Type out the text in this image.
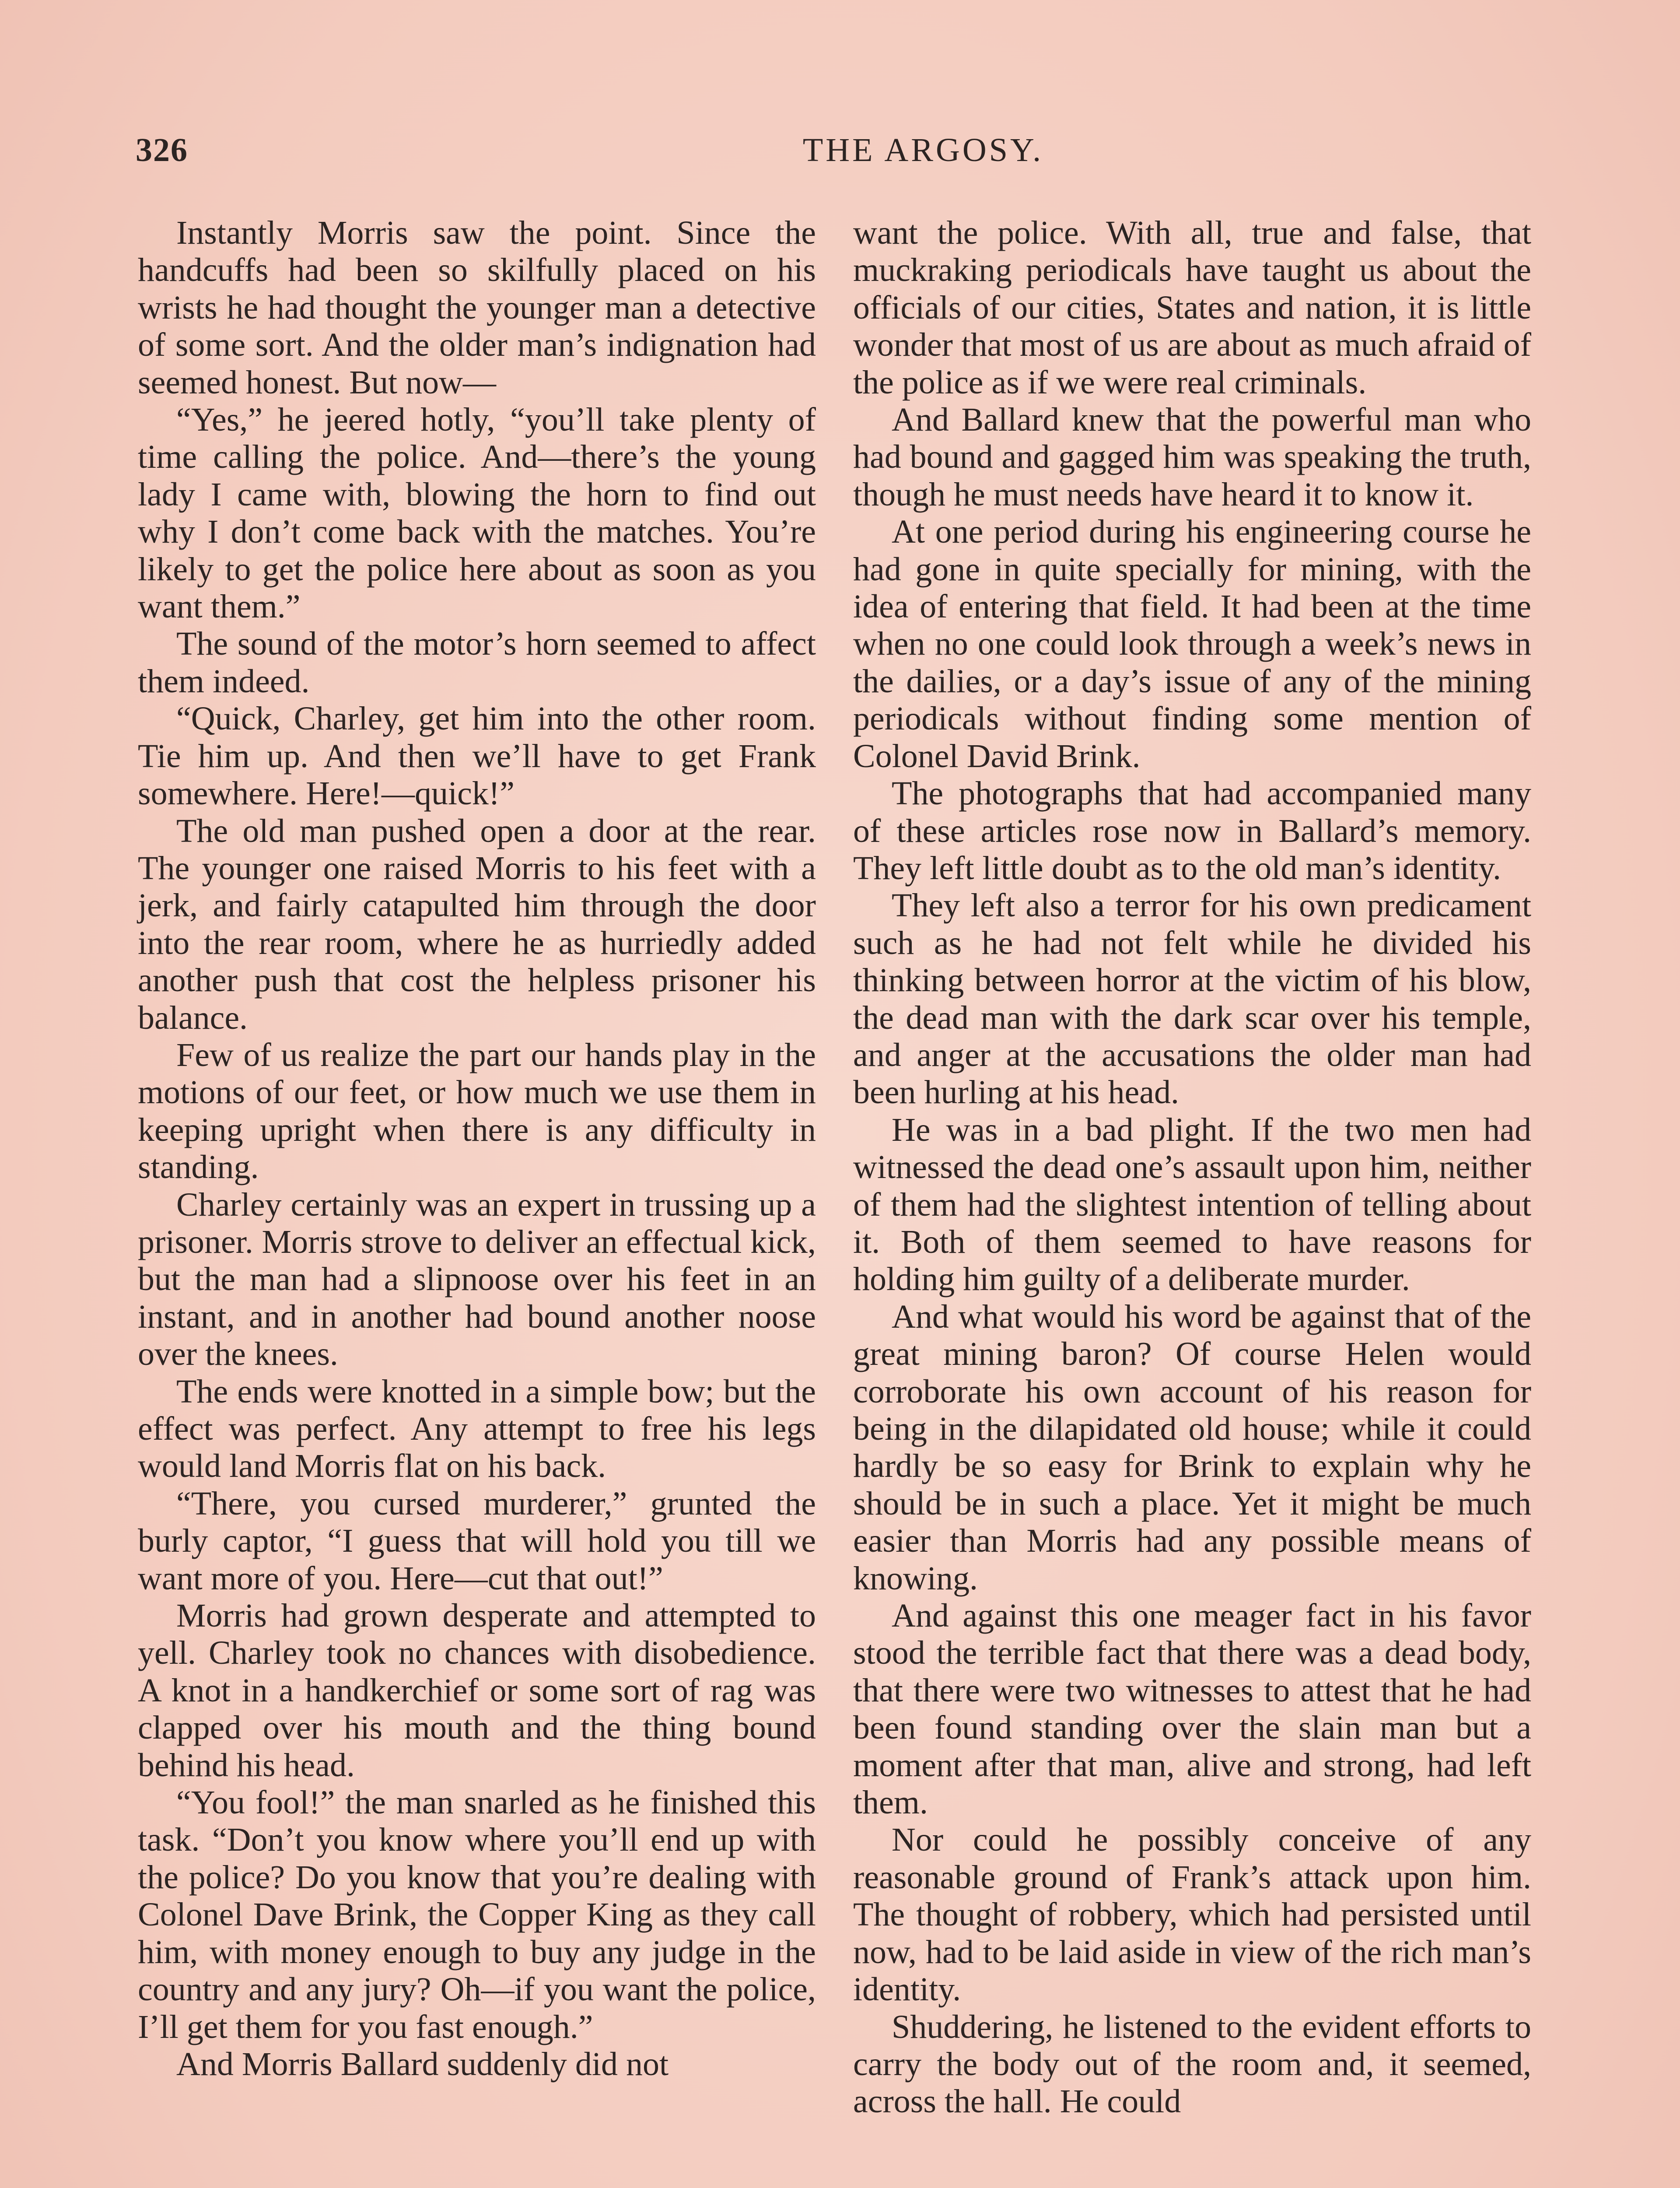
326	THE ARGOSY.

Instantly Morris saw the point. Since the handcuffs had been so skilfully placed on his wrists he had thought the younger man a detective of some sort. And the older man’s indignation had seemed honest. But now—

“Yes,” he jeered hotly, “you’ll take plenty of time calling the police. And—there’s the young lady I came with, blowing the horn to find out why I don’t come back with the matches. You’re likely to get the police here about as soon as you want them.”

The sound of the motor’s horn seemed to affect them indeed.

“Quick, Charley, get him into the other room. Tie him up. And then we’ll have to get Frank somewhere. Here!—quick!”

The old man pushed open a door at the rear. The younger one raised Morris to his feet with a jerk, and fairly catapulted him through the door into the rear room, where he as hurriedly added another push that cost the helpless prisoner his balance.

Few of us realize the part our hands play in the motions of our feet, or how much we use them in keeping upright when there is any difficulty in standing.

Charley certainly was an expert in trussing up a prisoner. Morris strove to deliver an effectual kick, but the man had a slipnoose over his feet in an instant, and in another had bound another noose over the knees.

The ends were knotted in a simple bow; but the effect was perfect. Any attempt to free his legs would land Morris flat on his back.

“There, you cursed murderer,” grunted the burly captor, “I guess that will hold you till we want more of you. Here—cut that out!”

Morris had grown desperate and attempted to yell. Charley took no chances with disobedience. A knot in a handkerchief or some sort of rag was clapped over his mouth and the thing bound behind his head.

“You fool!” the man snarled as he finished this task. “Don’t you know where you’ll end up with the police? Do you know that you’re dealing with Colonel Dave Brink, the Copper King as they call him, with money enough to buy any judge in the country and any jury? Oh—if you want the police, I’ll get them for you fast enough.”

And Morris Ballard suddenly did not

want the police. With all, true and false, that muckraking periodicals have taught us about the officials of our cities, States and nation, it is little wonder that most of us are about as much afraid of the police as if we were real criminals.

And Ballard knew that the powerful man who had bound and gagged him was speaking the truth, though he must needs have heard it to know it.

At one period during his engineering course he had gone in quite specially for mining, with the idea of entering that field. It had been at the time when no one could look through a week’s news in the dailies, or a day’s issue of any of the mining periodicals without finding some mention of Colonel David Brink.

The photographs that had accompanied many of these articles rose now in Ballard’s memory. They left little doubt as to the old man’s identity.

They left also a terror for his own predicament such as he had not felt while he divided his thinking between horror at the victim of his blow, the dead man with the dark scar over his temple, and anger at the accusations the older man had been hurling at his head.

He was in a bad plight. If the two men had witnessed the dead one’s assault upon him, neither of them had the slightest intention of telling about it. Both of them seemed to have reasons for holding him guilty of a deliberate murder.

And what would his word be against that of the great mining baron? Of course Helen would corroborate his own account of his reason for being in the dilapidated old house; while it could hardly be so easy for Brink to explain why he should be in such a place. Yet it might be much easier than Morris had any possible means of knowing.

And against this one meager fact in his favor stood the terrible fact that there was a dead body, that there were two witnesses to attest that he had been found standing over the slain man but a moment after that man, alive and strong, had left them.

Nor could he possibly conceive of any reasonable ground of Frank’s attack upon him. The thought of robbery, which had persisted until now, had to be laid aside in view of the rich man’s identity.

Shuddering, he listened to the evident efforts to carry the body out of the room and, it seemed, across the hall. He could
